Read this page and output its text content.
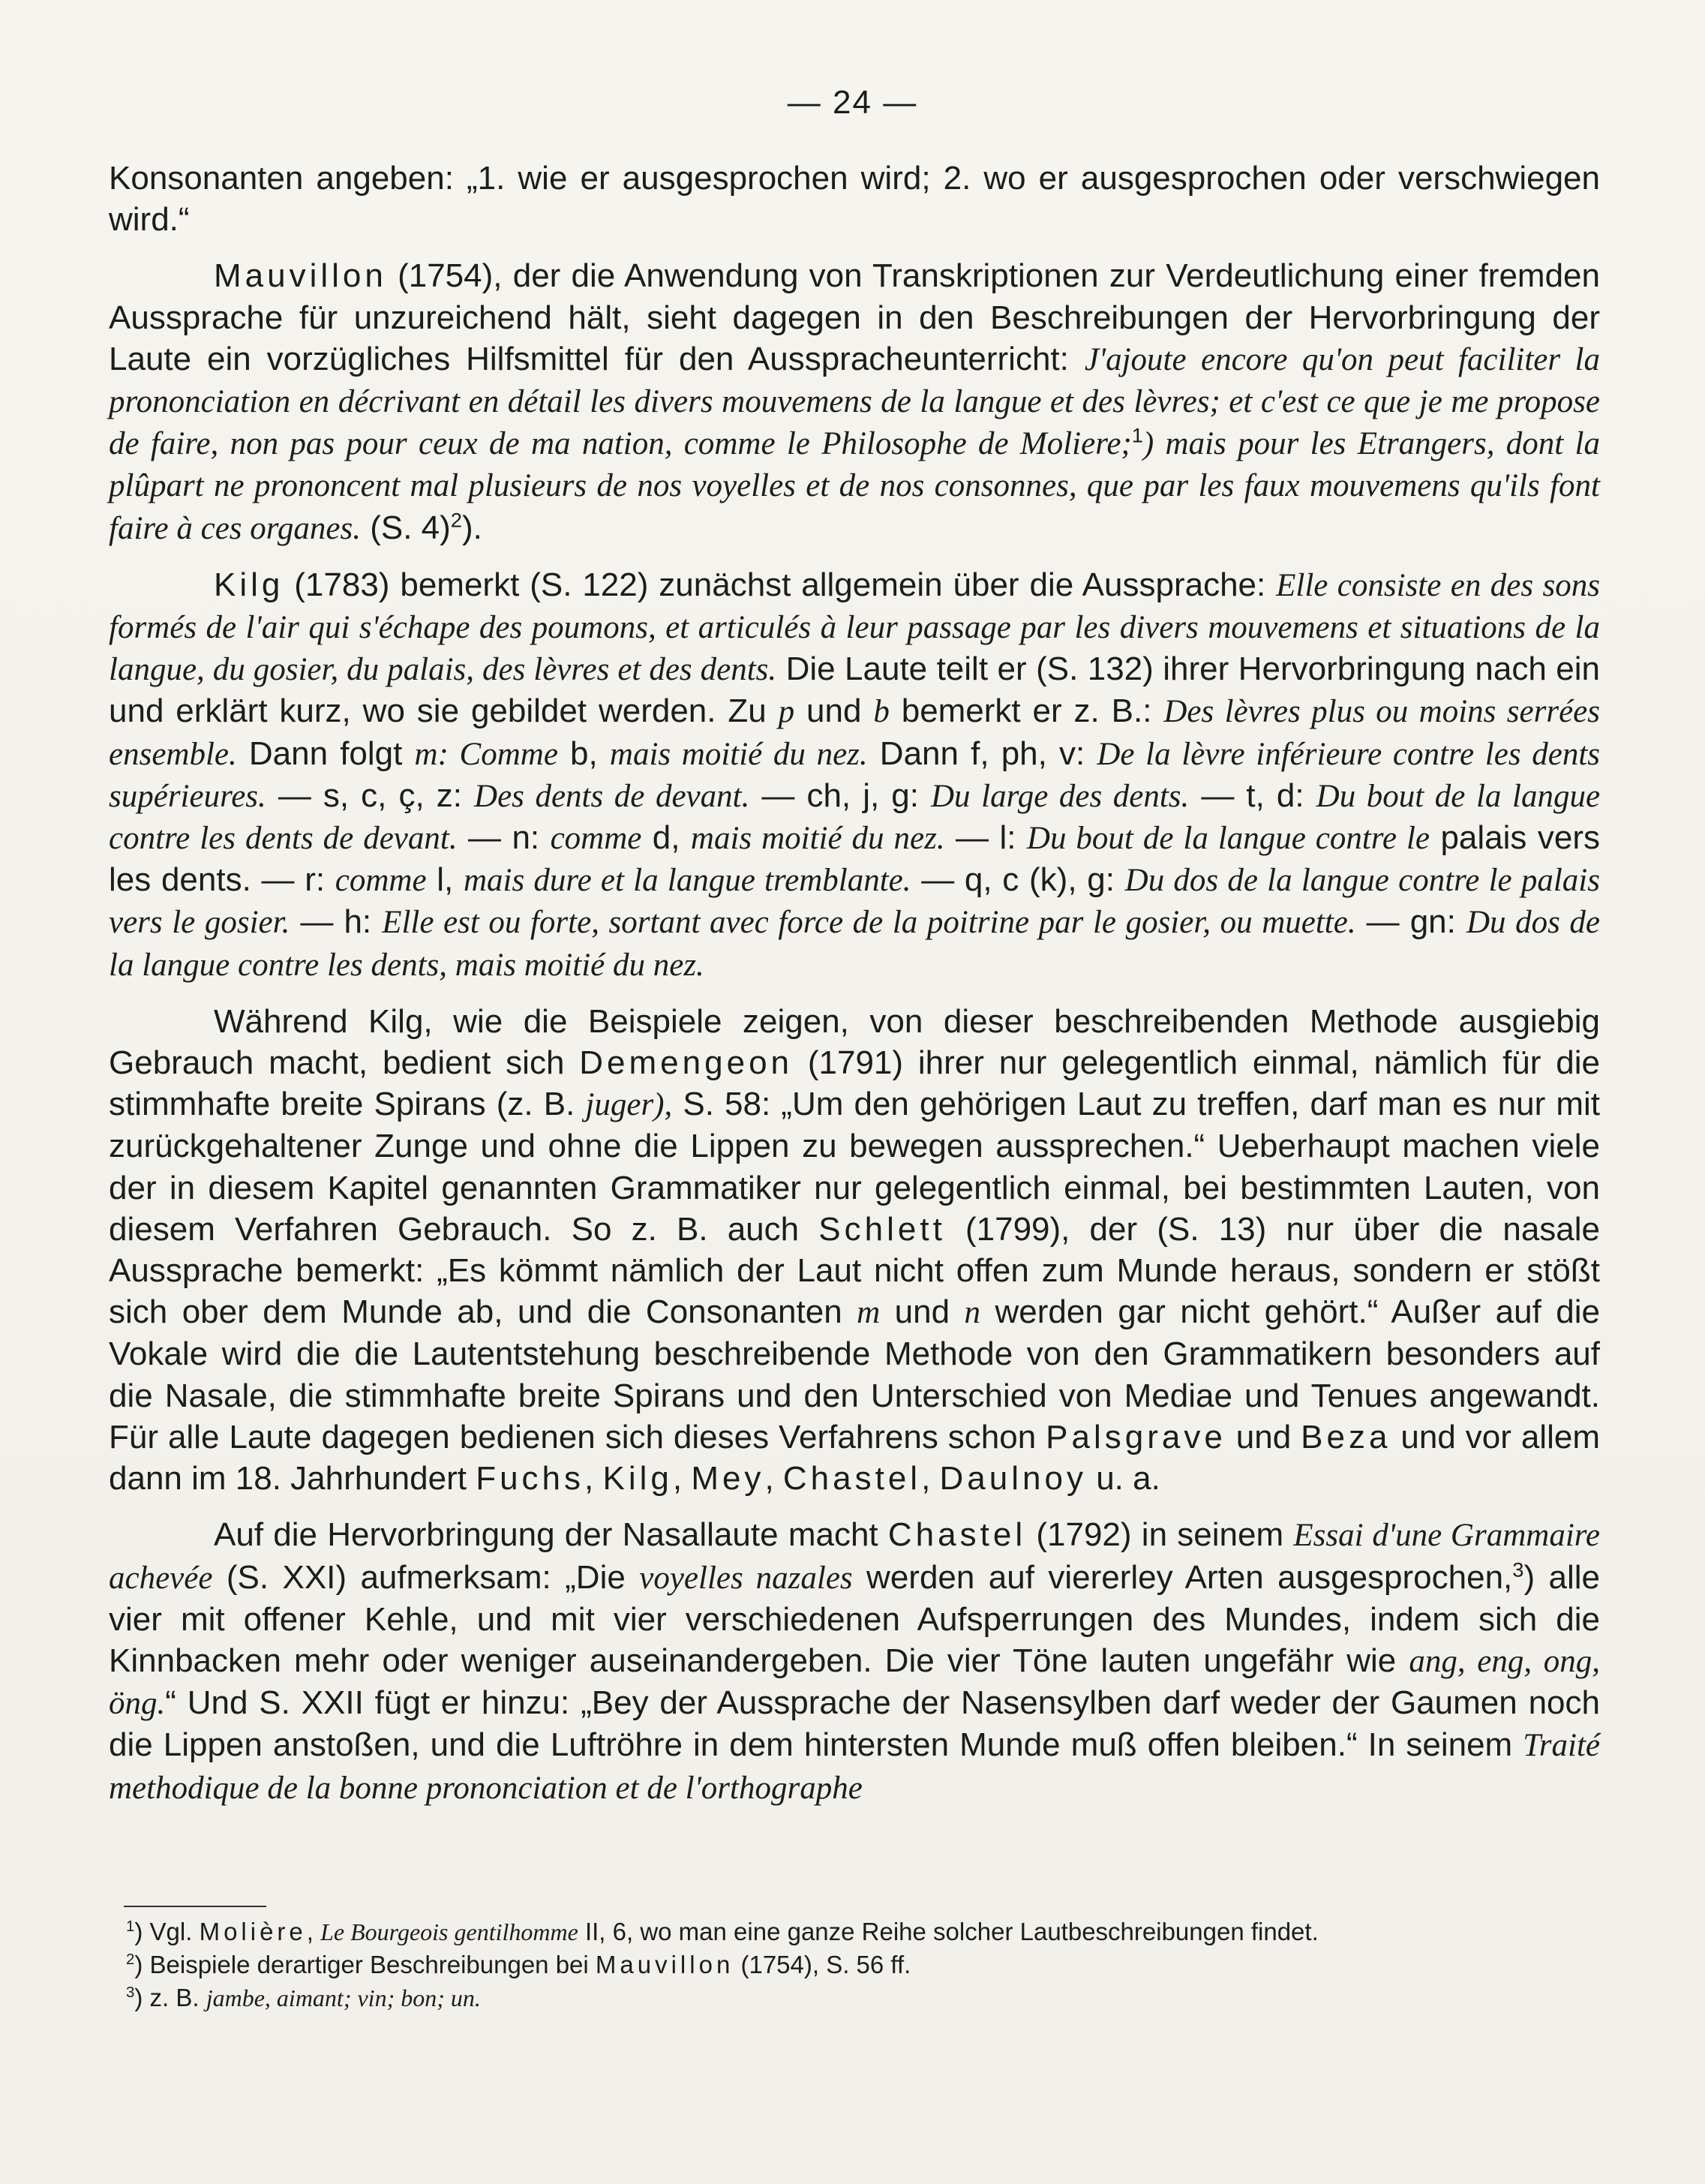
— 24 —

Konsonanten angeben: „1. wie er ausgesprochen wird; 2. wo er ausgesprochen oder verschwiegen wird.“

Mauvillon (1754), der die Anwendung von Transkriptionen zur Verdeutlichung einer fremden Aussprache für unzureichend hält, sieht dagegen in den Beschreibungen der Hervorbringung der Laute ein vorzügliches Hilfsmittel für den Ausspracheunterricht: J'ajoute encore qu'on peut faciliter la prononciation en décrivant en détail les divers mouvemens de la langue et des lèvres; et c'est ce que je me propose de faire, non pas pour ceux de ma nation, comme le Philosophe de Moliere;$^1$) mais pour les Etrangers, dont la plûpart ne prononcent mal plusieurs de nos voyelles et de nos consonnes, que par les faux mouvemens qu'ils font faire à ces organes. (S. 4)$^2$).

Kilg (1783) bemerkt (S. 122) zunächst allgemein über die Aussprache: Elle consiste en des sons formés de l'air qui s'échape des poumons, et articulés à leur passage par les divers mouvemens et situations de la langue, du gosier, du palais, des lèvres et des dents. Die Laute teilt er (S. 132) ihrer Hervorbringung nach ein und erklärt kurz, wo sie gebildet werden. Zu p und b bemerkt er z. B.: Des lèvres plus ou moins serrées ensemble. Dann folgt m: Comme b, mais moitié du nez. Dann f, ph, v: De la lèvre inférieure contre les dents supérieures. — s, c, ç, z: Des dents de devant. — ch, j, g: Du large des dents. — t, d: Du bout de la langue contre les dents de devant. — n: comme d, mais moitié du nez. — l: Du bout de la langue contre le palais vers les dents. — r: comme l, mais dure et la langue tremblante. — q, c (k), g: Du dos de la langue contre le palais vers le gosier. — h: Elle est ou forte, sortant avec force de la poitrine par le gosier, ou muette. — gn: Du dos de la langue contre les dents, mais moitié du nez.

Während Kilg, wie die Beispiele zeigen, von dieser beschreibenden Methode ausgiebig Gebrauch macht, bedient sich Demengeon (1791) ihrer nur gelegentlich einmal, nämlich für die stimmhafte breite Spirans (z. B. juger), S. 58: „Um den gehörigen Laut zu treffen, darf man es nur mit zurückgehaltener Zunge und ohne die Lippen zu bewegen aussprechen.“ Ueberhaupt machen viele der in diesem Kapitel genannten Grammatiker nur gelegentlich einmal, bei bestimmten Lauten, von diesem Verfahren Gebrauch. So z. B. auch Schlett (1799), der (S. 13) nur über die nasale Aussprache bemerkt: „Es kömmt nämlich der Laut nicht offen zum Munde heraus, sondern er stößt sich ober dem Munde ab, und die Consonanten m und n werden gar nicht gehört.“ Außer auf die Vokale wird die die Lautentstehung beschreibende Methode von den Grammatikern besonders auf die Nasale, die stimmhafte breite Spirans und den Unterschied von Mediae und Tenues angewandt. Für alle Laute dagegen bedienen sich dieses Verfahrens schon Palsgrave und Beza und vor allem dann im 18. Jahrhundert Fuchs, Kilg, Mey, Chastel, Daulnoy u. a.

Auf die Hervorbringung der Nasallaute macht Chastel (1792) in seinem Essai d'une Grammaire achevée (S. XXI) aufmerksam: „Die voyelles nazales werden auf viererley Arten ausgesprochen,$^3$) alle vier mit offener Kehle, und mit vier verschiedenen Aufsperrungen des Mundes, indem sich die Kinnbacken mehr oder weniger auseinandergeben. Die vier Töne lauten ungefähr wie ang, eng, ong, öng.“ Und S. XXII fügt er hinzu: „Bey der Aussprache der Nasensylben darf weder der Gaumen noch die Lippen anstoßen, und die Luftröhre in dem hintersten Munde muß offen bleiben.“ In seinem Traité methodique de la bonne prononciation et de l'orthographe

$^1$) Vgl. Molière, Le Bourgeois gentilhomme II, 6, wo man eine ganze Reihe solcher Lautbeschreibungen findet.
$^2$) Beispiele derartiger Beschreibungen bei Mauvillon (1754), S. 56 ff.
$^3$) z. B. jambe, aimant; vin; bon; un.
